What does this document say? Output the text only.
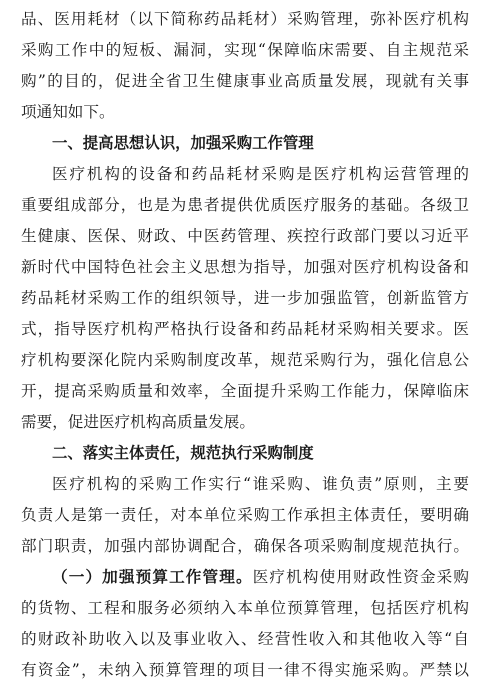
品、医用耗材（以下简称药品耗材）采购管理，弥补医疗机构
采购工作中的短板、漏洞，实现“保障临床需要、自主规范采
购”的目的，促进全省卫生健康事业高质量发展，现就有关事
项通知如下。
一、提高思想认识，加强采购工作管理
医疗机构的设备和药品耗材采购是医疗机构运营管理的
重要组成部分，也是为患者提供优质医疗服务的基础。各级卫
生健康、医保、财政、中医药管理、疾控行政部门要以习近平
新时代中国特色社会主义思想为指导，加强对医疗机构设备和
药品耗材采购工作的组织领导，进一步加强监管，创新监管方
式，指导医疗机构严格执行设备和药品耗材采购相关要求。医
疗机构要深化院内采购制度改革，规范采购行为，强化信息公
开，提高采购质量和效率，全面提升采购工作能力，保障临床
需要，促进医疗机构高质量发展。
二、落实主体责任，规范执行采购制度
医疗机构的采购工作实行“谁采购、谁负责”原则，主要
负责人是第一责任，对本单位采购工作承担主体责任，要明确
部门职责，加强内部协调配合，确保各项采购制度规范执行。
（一）加强预算工作管理。医疗机构使用财政性资金采购
的货物、工程和服务必须纳入本单位预算管理，包括医疗机构
的财政补助收入以及事业收入、经营性收入和其他收入等“自
有资金”，未纳入预算管理的项目一律不得实施采购。严禁以
